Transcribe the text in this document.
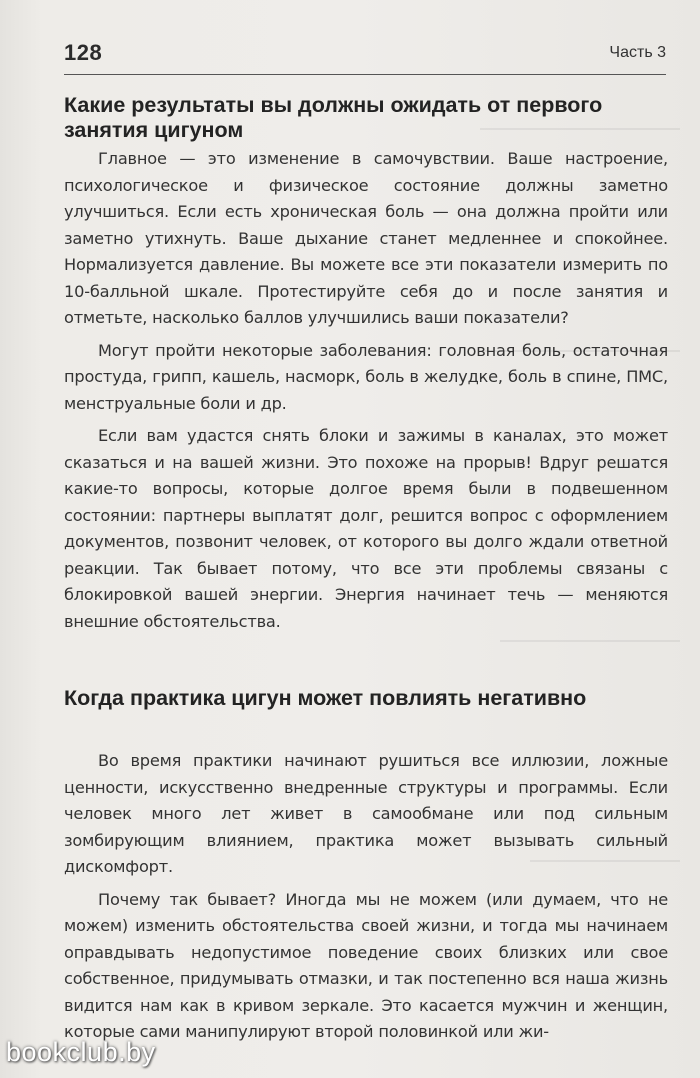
128	Часть 3
Какие результаты вы должны ожидать от первого занятия цигуном

Главное — это изменение в самочувствии. Ваше настроение, психологическое и физическое состояние должны заметно улучшиться. Если есть хроническая боль — она должна пройти или заметно утихнуть. Ваше дыхание станет медленнее и спокойнее. Нормализуется давление. Вы можете все эти показатели измерить по 10-балльной шкале. Протестируйте себя до и после занятия и отметьте, насколько баллов улучшились ваши показатели?

Могут пройти некоторые заболевания: головная боль, остаточная простуда, грипп, кашель, насморк, боль в желудке, боль в спине, ПМС, менструальные боли и др.

Если вам удастся снять блоки и зажимы в каналах, это может сказаться и на вашей жизни. Это похоже на прорыв! Вдруг решатся какие-то вопросы, которые долгое время были в подвешенном состоянии: партнеры выплатят долг, решится вопрос с оформлением документов, позвонит человек, от которого вы долго ждали ответной реакции. Так бывает потому, что все эти проблемы связаны с блокировкой вашей энергии. Энергия начинает течь — меняются внешние обстоятельства.

Когда практика цигун может повлиять негативно

Во время практики начинают рушиться все иллюзии, ложные ценности, искусственно внедренные структуры и программы. Если человек много лет живет в самообмане или под сильным зомбирующим влиянием, практика может вызывать сильный дискомфорт.

Почему так бывает? Иногда мы не можем (или думаем, что не можем) изменить обстоятельства своей жизни, и тогда мы начинаем оправдывать недопустимое поведение своих близких или свое собственное, придумывать отмазки, и так постепенно вся наша жизнь видится нам как в кривом зеркале. Это касается мужчин и женщин, которые сами манипулируют второй половинкой или жи-

bookclub.by
